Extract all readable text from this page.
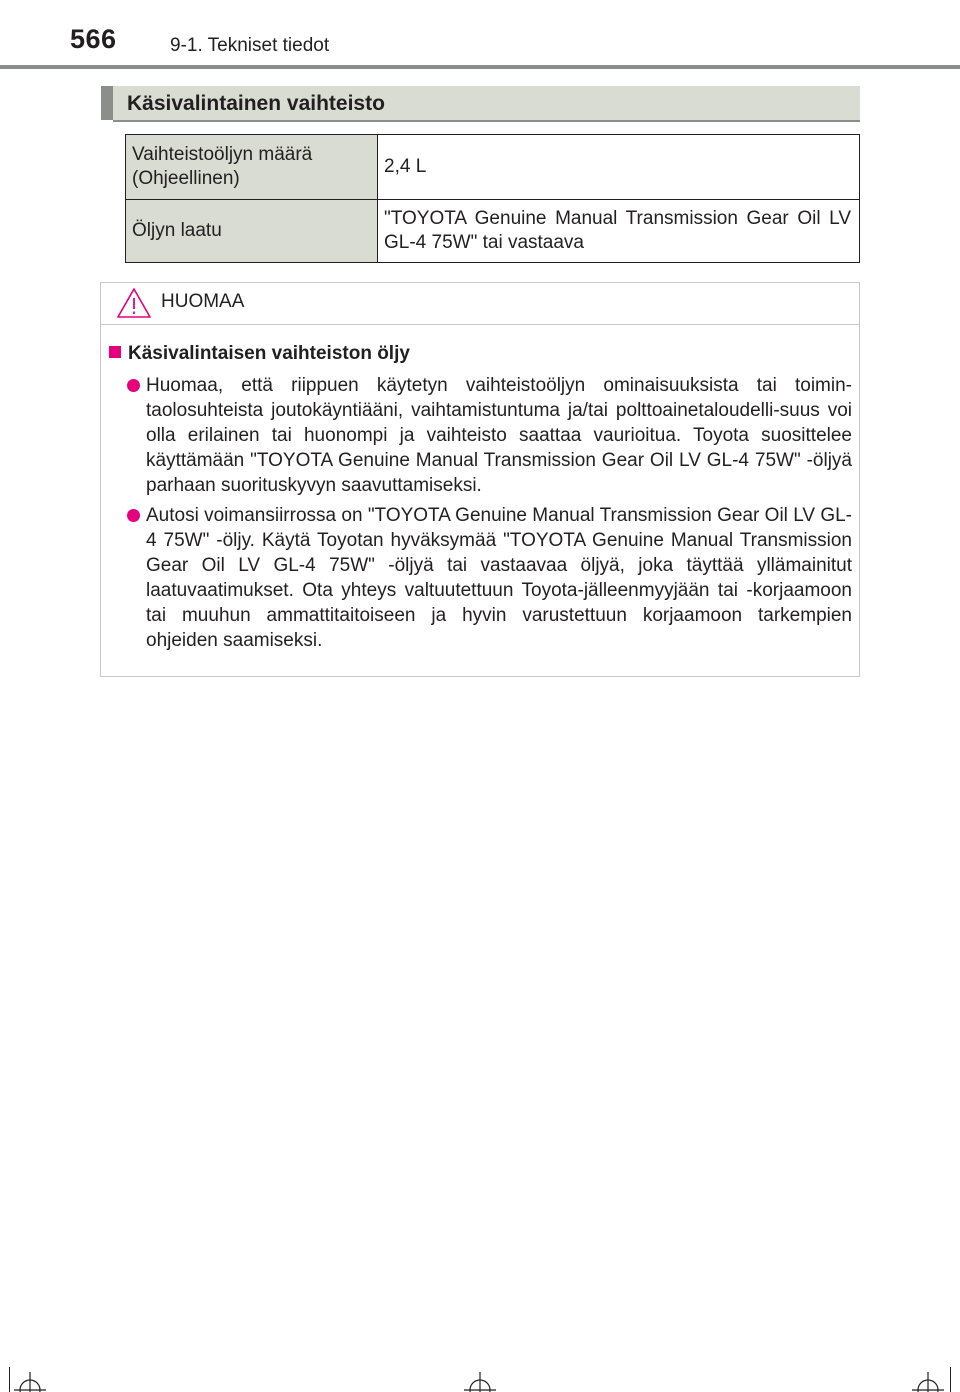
566	9-1. Tekniset tiedot
Käsivalintainen vaihteisto
Vaihteistoöljyn määrä (Ohjeellinen)	2,4 L
Öljyn laatu	"TOYOTA Genuine Manual Transmission Gear Oil LV GL-4 75W" tai vastaava
HUOMAA
Käsivalintaisen vaihteiston öljy
Huomaa, että riippuen käytetyn vaihteistoöljyn ominaisuuksista tai toimin-taolosuhteista joutokäyntiääni, vaihtamistuntuma ja/tai polttoainetaloudelli-suus voi olla erilainen tai huonompi ja vaihteisto saattaa vaurioitua. Toyota suosittelee käyttämään "TOYOTA Genuine Manual Transmission Gear Oil LV GL-4 75W" -öljyä parhaan suorituskyvyn saavuttamiseksi.
Autosi voimansiirrossa on "TOYOTA Genuine Manual Transmission Gear Oil LV GL-4 75W" -öljy. Käytä Toyotan hyväksymää "TOYOTA Genuine Manual Transmission Gear Oil LV GL-4 75W" -öljyä tai vastaavaa öljyä, joka täyttää yllämainitut laatuvaatimukset. Ota yhteys valtuutettuun Toyota-jälleenmyyjään tai -korjaamoon tai muuhun ammattitaitoiseen ja hyvin varustettuun korjaamoon tarkempien ohjeiden saamiseksi.
